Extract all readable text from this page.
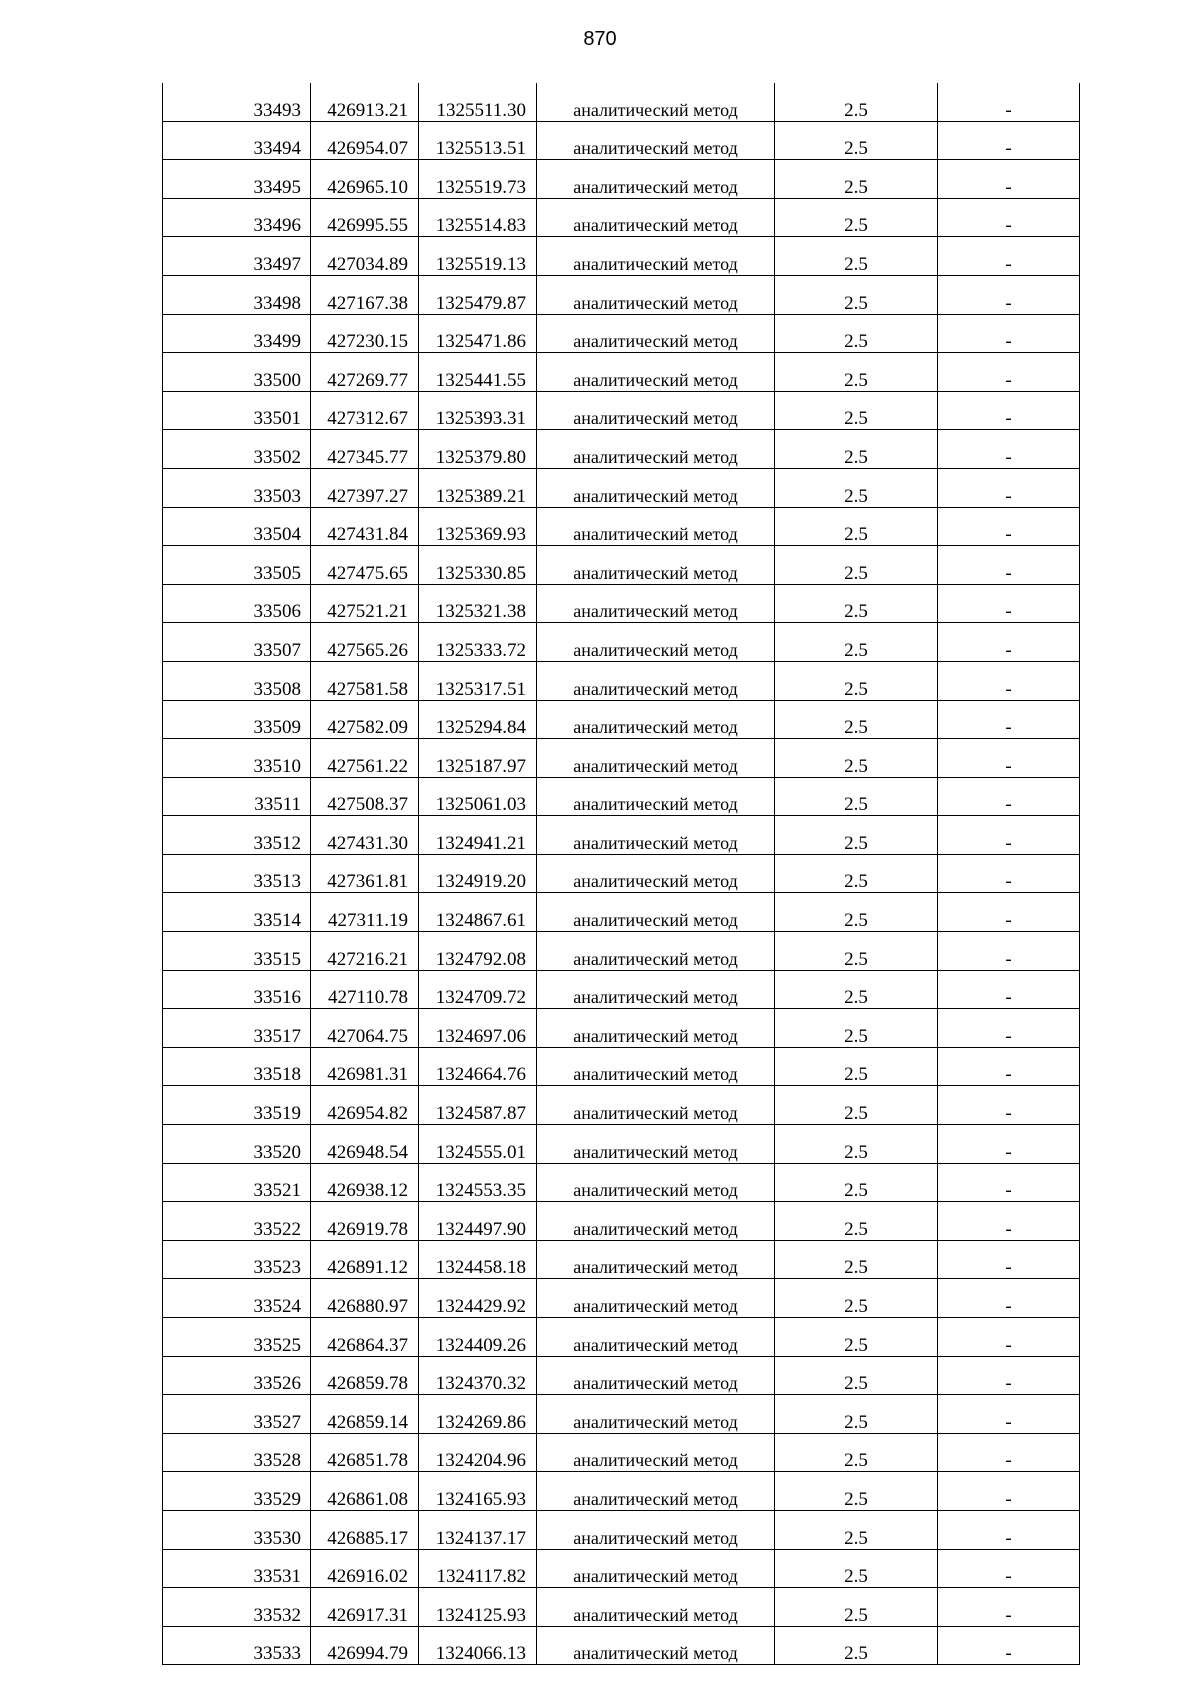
870
33493	426913.21	1325511.30	аналитический метод	2.5	-
33494	426954.07	1325513.51	аналитический метод	2.5	-
33495	426965.10	1325519.73	аналитический метод	2.5	-
33496	426995.55	1325514.83	аналитический метод	2.5	-
33497	427034.89	1325519.13	аналитический метод	2.5	-
33498	427167.38	1325479.87	аналитический метод	2.5	-
33499	427230.15	1325471.86	аналитический метод	2.5	-
33500	427269.77	1325441.55	аналитический метод	2.5	-
33501	427312.67	1325393.31	аналитический метод	2.5	-
33502	427345.77	1325379.80	аналитический метод	2.5	-
33503	427397.27	1325389.21	аналитический метод	2.5	-
33504	427431.84	1325369.93	аналитический метод	2.5	-
33505	427475.65	1325330.85	аналитический метод	2.5	-
33506	427521.21	1325321.38	аналитический метод	2.5	-
33507	427565.26	1325333.72	аналитический метод	2.5	-
33508	427581.58	1325317.51	аналитический метод	2.5	-
33509	427582.09	1325294.84	аналитический метод	2.5	-
33510	427561.22	1325187.97	аналитический метод	2.5	-
33511	427508.37	1325061.03	аналитический метод	2.5	-
33512	427431.30	1324941.21	аналитический метод	2.5	-
33513	427361.81	1324919.20	аналитический метод	2.5	-
33514	427311.19	1324867.61	аналитический метод	2.5	-
33515	427216.21	1324792.08	аналитический метод	2.5	-
33516	427110.78	1324709.72	аналитический метод	2.5	-
33517	427064.75	1324697.06	аналитический метод	2.5	-
33518	426981.31	1324664.76	аналитический метод	2.5	-
33519	426954.82	1324587.87	аналитический метод	2.5	-
33520	426948.54	1324555.01	аналитический метод	2.5	-
33521	426938.12	1324553.35	аналитический метод	2.5	-
33522	426919.78	1324497.90	аналитический метод	2.5	-
33523	426891.12	1324458.18	аналитический метод	2.5	-
33524	426880.97	1324429.92	аналитический метод	2.5	-
33525	426864.37	1324409.26	аналитический метод	2.5	-
33526	426859.78	1324370.32	аналитический метод	2.5	-
33527	426859.14	1324269.86	аналитический метод	2.5	-
33528	426851.78	1324204.96	аналитический метод	2.5	-
33529	426861.08	1324165.93	аналитический метод	2.5	-
33530	426885.17	1324137.17	аналитический метод	2.5	-
33531	426916.02	1324117.82	аналитический метод	2.5	-
33532	426917.31	1324125.93	аналитический метод	2.5	-
33533	426994.79	1324066.13	аналитический метод	2.5	-
